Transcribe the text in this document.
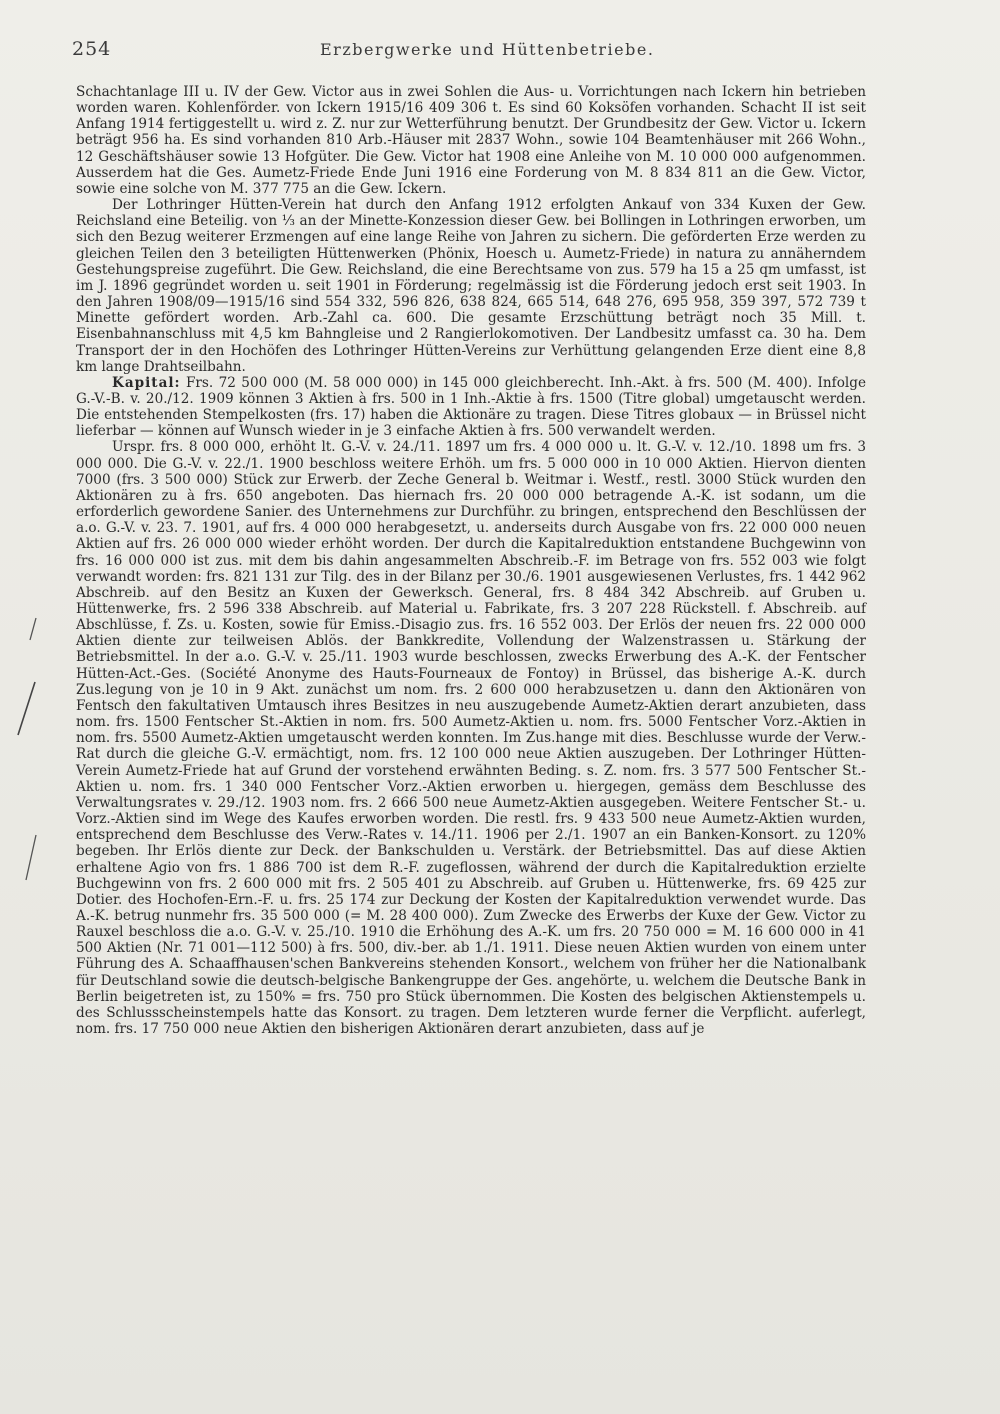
254	Erzbergwerke und Hüttenbetriebe.

Schachtanlage III u. IV der Gew. Victor aus in zwei Sohlen die Aus- u. Vorrichtungen nach Ickern hin betrieben worden waren. Kohlenförder. von Ickern 1915/16 409 306 t. Es sind 60 Koksöfen vorhanden. Schacht II ist seit Anfang 1914 fertiggestellt u. wird z. Z. nur zur Wetterführung benutzt. Der Grundbesitz der Gew. Victor u. Ickern beträgt 956 ha. Es sind vorhanden 810 Arb.-Häuser mit 2837 Wohn., sowie 104 Beamtenhäuser mit 266 Wohn., 12 Geschäftshäuser sowie 13 Hofgüter. Die Gew. Victor hat 1908 eine Anleihe von M. 10 000 000 aufgenommen. Ausserdem hat die Ges. Aumetz-Friede Ende Juni 1916 eine Forderung von M. 8 834 811 an die Gew. Victor, sowie eine solche von M. 377 775 an die Gew. Ickern.

Der Lothringer Hütten-Verein hat durch den Anfang 1912 erfolgten Ankauf von 334 Kuxen der Gew. Reichsland eine Beteilig. von ⅓ an der Minette-Konzession dieser Gew. bei Bollingen in Lothringen erworben, um sich den Bezug weiterer Erzmengen auf eine lange Reihe von Jahren zu sichern. Die geförderten Erze werden zu gleichen Teilen den 3 beteiligten Hüttenwerken (Phönix, Hoesch u. Aumetz-Friede) in natura zu annäherndem Gestehungspreise zugeführt. Die Gew. Reichsland, die eine Berechtsame von zus. 579 ha 15 a 25 qm umfasst, ist im J. 1896 gegründet worden u. seit 1901 in Förderung; regelmässig ist die Förderung jedoch erst seit 1903. In den Jahren 1908/09—1915/16 sind 554 332, 596 826, 638 824, 665 514, 648 276, 695 958, 359 397, 572 739 t Minette gefördert worden. Arb.-Zahl ca. 600. Die gesamte Erzschüttung beträgt noch 35 Mill. t. Eisenbahnanschluss mit 4,5 km Bahngleise und 2 Rangierlokomotiven. Der Landbesitz umfasst ca. 30 ha. Dem Transport der in den Hochöfen des Lothringer Hütten-Vereins zur Verhüttung gelangenden Erze dient eine 8,8 km lange Drahtseilbahn.

Kapital: Frs. 72 500 000 (M. 58 000 000) in 145 000 gleichberecht. Inh.-Akt. à frs. 500 (M. 400). Infolge G.-V.-B. v. 20./12. 1909 können 3 Aktien à frs. 500 in 1 Inh.-Aktie à frs. 1500 (Titre global) umgetauscht werden. Die entstehenden Stempelkosten (frs. 17) haben die Aktionäre zu tragen. Diese Titres globaux — in Brüssel nicht lieferbar — können auf Wunsch wieder in je 3 einfache Aktien à frs. 500 verwandelt werden.

Urspr. frs. 8 000 000, erhöht lt. G.-V. v. 24./11. 1897 um frs. 4 000 000 u. lt. G.-V. v. 12./10. 1898 um frs. 3 000 000. Die G.-V. v. 22./1. 1900 beschloss weitere Erhöh. um frs. 5 000 000 in 10 000 Aktien. Hiervon dienten 7000 (frs. 3 500 000) Stück zur Erwerb. der Zeche General b. Weitmar i. Westf., restl. 3000 Stück wurden den Aktionären zu à frs. 650 angeboten. Das hiernach frs. 20 000 000 betragende A.-K. ist sodann, um die erforderlich gewordene Sanier. des Unternehmens zur Durchführ. zu bringen, entsprechend den Beschlüssen der a.o. G.-V. v. 23. 7. 1901, auf frs. 4 000 000 herabgesetzt, u. anderseits durch Ausgabe von frs. 22 000 000 neuen Aktien auf frs. 26 000 000 wieder erhöht worden. Der durch die Kapitalreduktion entstandene Buchgewinn von frs. 16 000 000 ist zus. mit dem bis dahin angesammelten Abschreib.-F. im Betrage von frs. 552 003 wie folgt verwandt worden: frs. 821 131 zur Tilg. des in der Bilanz per 30./6. 1901 ausgewiesenen Verlustes, frs. 1 442 962 Abschreib. auf den Besitz an Kuxen der Gewerksch. General, frs. 8 484 342 Abschreib. auf Gruben u. Hüttenwerke, frs. 2 596 338 Abschreib. auf Material u. Fabrikate, frs. 3 207 228 Rückstell. f. Abschreib. auf Abschlüsse, f. Zs. u. Kosten, sowie für Emiss.-Disagio zus. frs. 16 552 003. Der Erlös der neuen frs. 22 000 000 Aktien diente zur teilweisen Ablös. der Bankkredite, Vollendung der Walzenstrassen u. Stärkung der Betriebsmittel. In der a.o. G.-V. v. 25./11. 1903 wurde beschlossen, zwecks Erwerbung des A.-K. der Fentscher Hütten-Act.-Ges. (Société Anonyme des Hauts-Fourneaux de Fontoy) in Brüssel, das bisherige A.-K. durch Zus.legung von je 10 in 9 Akt. zunächst um nom. frs. 2 600 000 herabzusetzen u. dann den Aktionären von Fentsch den fakultativen Umtausch ihres Besitzes in neu auszugebende Aumetz-Aktien derart anzubieten, dass nom. frs. 1500 Fentscher St.-Aktien in nom. frs. 500 Aumetz-Aktien u. nom. frs. 5000 Fentscher Vorz.-Aktien in nom. frs. 5500 Aumetz-Aktien umgetauscht werden konnten. Im Zus.hange mit dies. Beschlusse wurde der Verw.-Rat durch die gleiche G.-V. ermächtigt, nom. frs. 12 100 000 neue Aktien auszugeben. Der Lothringer Hütten-Verein Aumetz-Friede hat auf Grund der vorstehend erwähnten Beding. s. Z. nom. frs. 3 577 500 Fentscher St.-Aktien u. nom. frs. 1 340 000 Fentscher Vorz.-Aktien erworben u. hiergegen, gemäss dem Beschlusse des Verwaltungsrates v. 29./12. 1903 nom. frs. 2 666 500 neue Aumetz-Aktien ausgegeben. Weitere Fentscher St.- u. Vorz.-Aktien sind im Wege des Kaufes erworben worden. Die restl. frs. 9 433 500 neue Aumetz-Aktien wurden, entsprechend dem Beschlusse des Verw.-Rates v. 14./11. 1906 per 2./1. 1907 an ein Banken-Konsort. zu 120% begeben. Ihr Erlös diente zur Deck. der Bankschulden u. Verstärk. der Betriebsmittel. Das auf diese Aktien erhaltene Agio von frs. 1 886 700 ist dem R.-F. zugeflossen, während der durch die Kapitalreduktion erzielte Buchgewinn von frs. 2 600 000 mit frs. 2 505 401 zu Abschreib. auf Gruben u. Hüttenwerke, frs. 69 425 zur Dotier. des Hochofen-Ern.-F. u. frs. 25 174 zur Deckung der Kosten der Kapitalreduktion verwendet wurde. Das A.-K. betrug nunmehr frs. 35 500 000 (= M. 28 400 000). Zum Zwecke des Erwerbs der Kuxe der Gew. Victor zu Rauxel beschloss die a.o. G.-V. v. 25./10. 1910 die Erhöhung des A.-K. um frs. 20 750 000 = M. 16 600 000 in 41 500 Aktien (Nr. 71 001—112 500) à frs. 500, div.-ber. ab 1./1. 1911. Diese neuen Aktien wurden von einem unter Führung des A. Schaaffhausen'schen Bankvereins stehenden Konsort., welchem von früher her die Nationalbank für Deutschland sowie die deutsch-belgische Bankengruppe der Ges. angehörte, u. welchem die Deutsche Bank in Berlin beigetreten ist, zu 150% = frs. 750 pro Stück übernommen. Die Kosten des belgischen Aktienstempels u. des Schlussscheinstempels hatte das Konsort. zu tragen. Dem letzteren wurde ferner die Verpflicht. auferlegt, nom. frs. 17 750 000 neue Aktien den bisherigen Aktionären derart anzubieten, dass auf je
